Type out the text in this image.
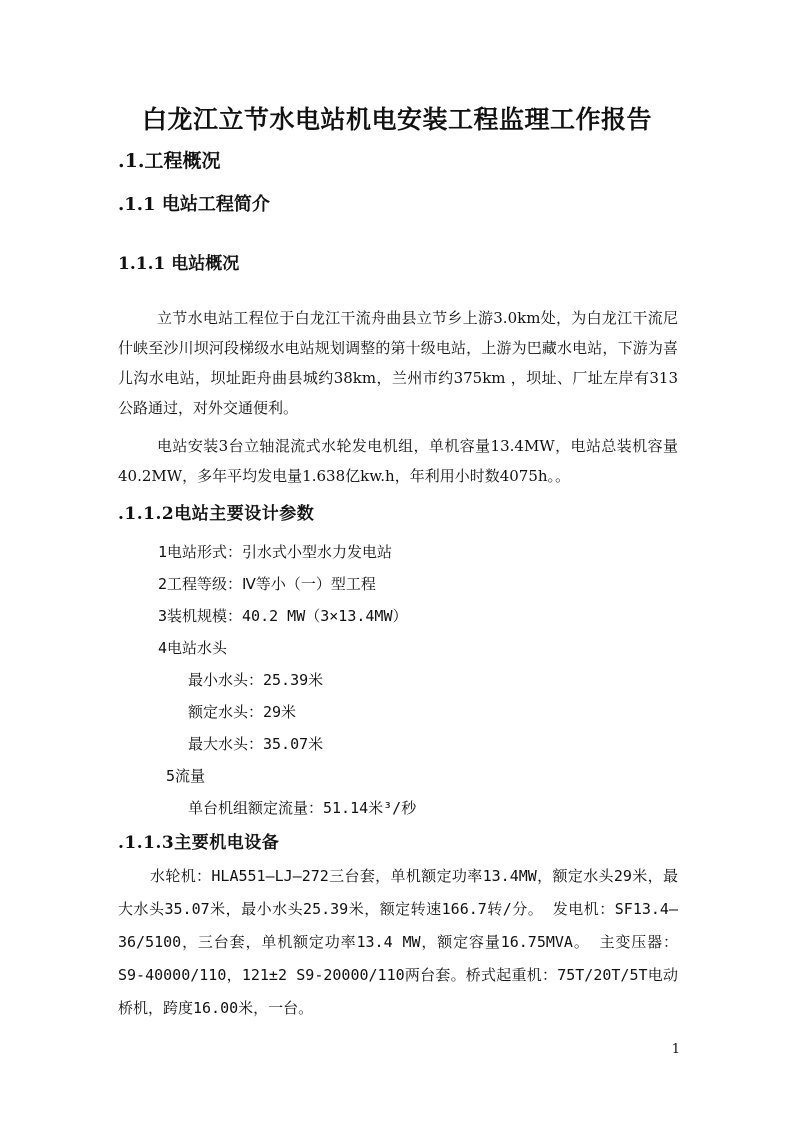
白龙江立节水电站机电安装工程监理工作报告
.1.工程概况
.1.1 电站工程简介
1.1.1 电站概况
立节水电站工程位于白龙江干流舟曲县立节乡上游3.0km处，为白龙江干流尼什峡至沙川坝河段梯级水电站规划调整的第十级电站，上游为巴藏水电站，下游为喜儿沟水电站，坝址距舟曲县城约38km，兰州市约375km ，坝址、厂址左岸有313公路通过，对外交通便利。
电站安装3台立轴混流式水轮发电机组，单机容量13.4MW，电站总装机容量40.2MW，多年平均发电量1.638亿kw.h，年利用小时数4075h。。
.1.1.2电站主要设计参数
1电站形式：引水式小型水力发电站
2工程等级：Ⅳ等小（一）型工程
3装机规模：40.2 MW（3×13.4MW）
4电站水头
最小水头：25.39米
额定水头：29米
最大水头：35.07米
5流量
单台机组额定流量：51.14米³/秒
.1.1.3主要机电设备
水轮机：HLA551—LJ—272三台套，单机额定功率13.4MW，额定水头29米，最大水头35.07米，最小水头25.39米，额定转速166.7转/分。 发电机：SF13.4—36/5100，三台套，单机额定功率13.4 MW，额定容量16.75MVA。 主变压器：S9-40000/110，121±2 S9-20000/110两台套。桥式起重机：75T/20T/5T电动桥机，跨度16.00米，一台。
1
